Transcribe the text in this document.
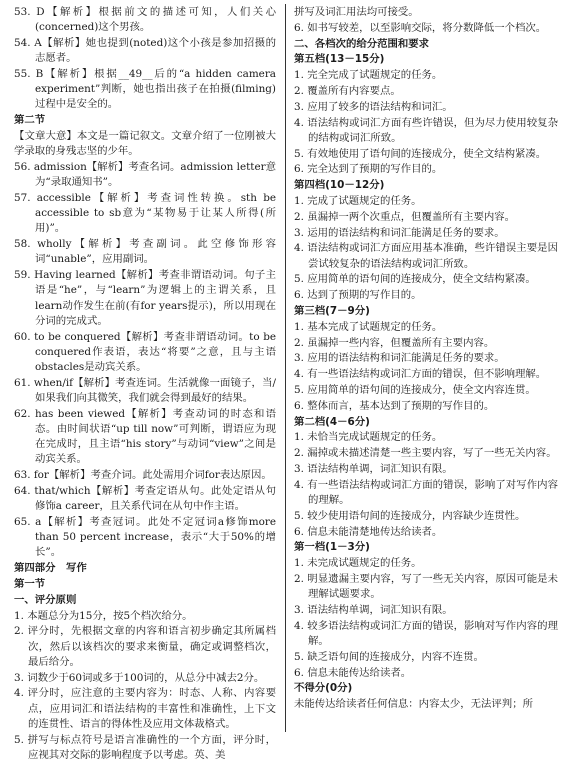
53. D【解析】根据前文的描述可知，人们关心(concerned)这个男孩。
54. A【解析】她也提到(noted)这个小孩是参加招摄的志愿者。
55. B【解析】根据__49__后的“a hidden camera experiment”判断，她也指出孩子在拍摄(filming)过程中是安全的。
第二节
【文章大意】本文是一篇记叙文。文章介绍了一位刚被大学录取的身残志坚的少年。
56. admission【解析】考查名词。admission letter意为“录取通知书”。
57. accessible【解析】考查词性转换。sth be accessible to sb意为“某物易于让某人所得(所用)”。
58. wholly【解析】考查副词。此空修饰形容词“unable”，应用副词。
59. Having learned【解析】考查非谓语动词。句子主语是“he”，与“learn”为逻辑上的主谓关系，且learn动作发生在前(有for years提示)，所以用现在分词的完成式。
60. to be conquered【解析】考查非谓语动词。to be conquered作表语，表达“将要”之意，且与主语obstacles是动宾关系。
61. when/if【解析】考查连词。生活就像一面镜子，当/如果我们向其微笑，我们就会得到最好的结果。
62. has been viewed【解析】考查动词的时态和语态。由时间状语“up till now”可判断，谓语应为现在完成时，且主语“his story”与动词“view”之间是动宾关系。
63. for【解析】考查介词。此处需用介词for表达原因。
64. that/which【解析】考查定语从句。此处定语从句修饰a career，且关系代词在从句中作主语。
65. a【解析】考查冠词。此处不定冠词a修饰more than 50 percent increase，表示“大于50%的增长”。
第四部分　写作
第一节
一、评分原则
1. 本题总分为15分，按5个档次给分。
2. 评分时，先根据文章的内容和语言初步确定其所属档次，然后以该档次的要求来衡量，确定或调整档次，最后给分。
3. 词数少于60词或多于100词的，从总分中减去2分。
4. 评分时，应注意的主要内容为：时态、人称、内容要点，应用词汇和语法结构的丰富性和准确性，上下文的连贯性、语言的得体性及应用文体裁格式。
5. 拼写与标点符号是语言准确性的一个方面，评分时，应视其对交际的影响程度予以考虑。英、美
拼写及词汇用法均可接受。
6. 如书写较差，以至影响交际，将分数降低一个档次。
二、各档次的给分范围和要求
第五档(13－15分)
1. 完全完成了试题规定的任务。
2. 覆盖所有内容要点。
3. 应用了较多的语法结构和词汇。
4. 语法结构或词汇方面有些许错误，但为尽力使用较复杂的结构或词汇所致。
5. 有效地使用了语句间的连接成分，使全文结构紧凑。
6. 完全达到了预期的写作目的。
第四档(10－12分)
1. 完成了试题规定的任务。
2. 虽漏掉一两个次重点，但覆盖所有主要内容。
3. 运用的语法结构和词汇能满足任务的要求。
4. 语法结构或词汇方面应用基本准确，些许错误主要是因尝试较复杂的语法结构或词汇所致。
5. 应用简单的语句间的连接成分，使全文结构紧凑。
6. 达到了预期的写作目的。
第三档(7－9分)
1. 基本完成了试题规定的任务。
2. 虽漏掉一些内容，但覆盖所有主要内容。
3. 应用的语法结构和词汇能满足任务的要求。
4. 有一些语法结构或词汇方面的错误，但不影响理解。
5. 应用简单的语句间的连接成分，使全文内容连贯。
6. 整体而言，基本达到了预期的写作目的。
第二档(4－6分)
1. 未恰当完成试题规定的任务。
2. 漏掉或未描述清楚一些主要内容，写了一些无关内容。
3. 语法结构单调，词汇知识有限。
4. 有一些语法结构或词汇方面的错误，影响了对写作内容的理解。
5. 较少使用语句间的连接成分，内容缺少连贯性。
6. 信息未能清楚地传达给读者。
第一档(1－3分)
1. 未完成试题规定的任务。
2. 明显遗漏主要内容，写了一些无关内容，原因可能是未理解试题要求。
3. 语法结构单调，词汇知识有限。
4. 较多语法结构或词汇方面的错误，影响对写作内容的理解。
5. 缺乏语句间的连接成分，内容不连贯。
6. 信息未能传达给读者。
不得分(0分)
未能传达给读者任何信息：内容太少，无法评判；所
